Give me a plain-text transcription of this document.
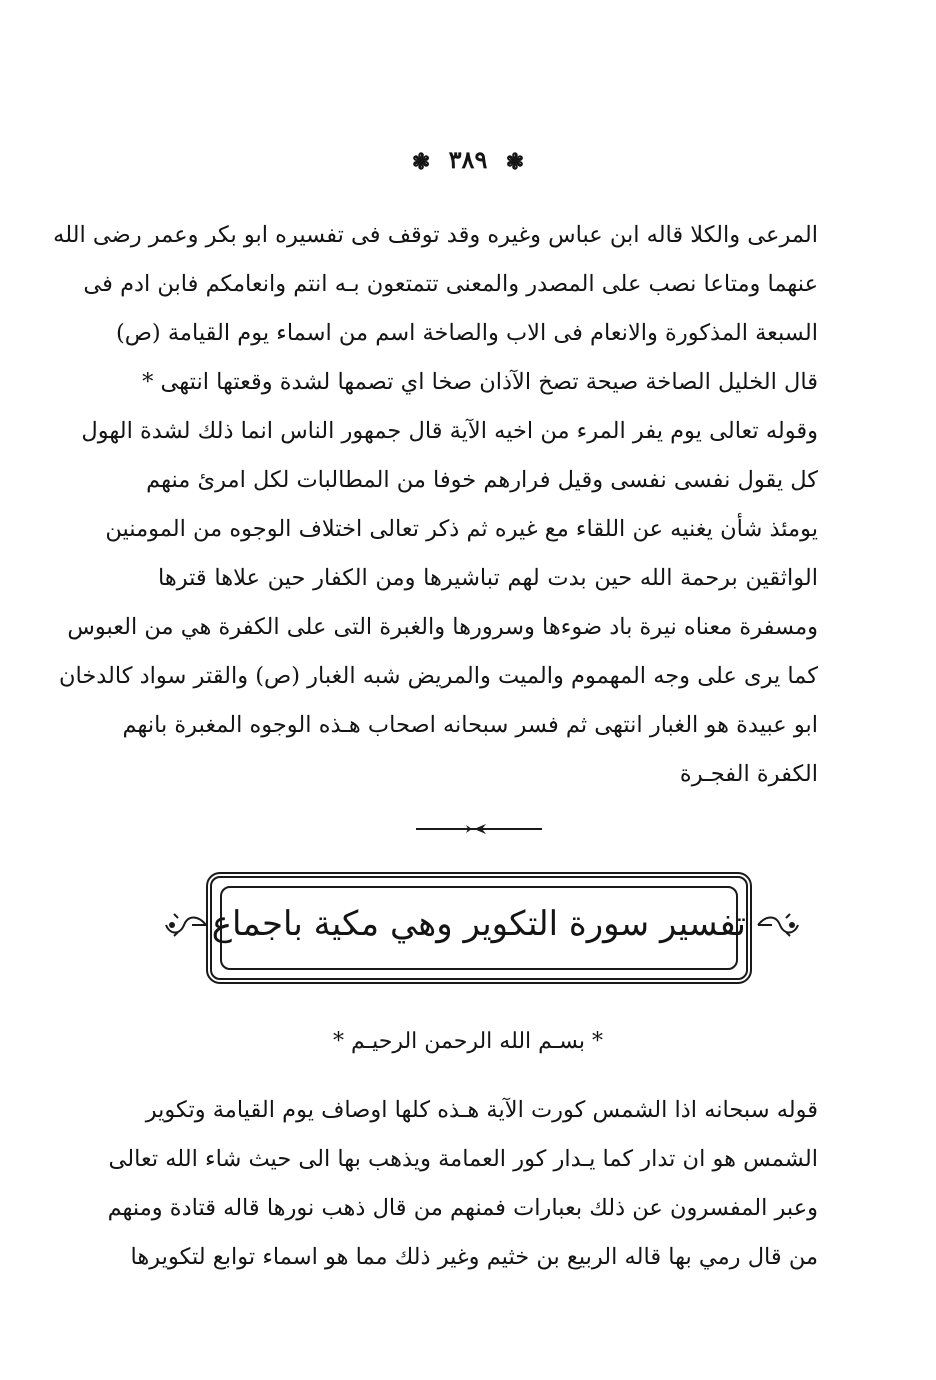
❃ ٣٨٩ ❃
المرعى والكلا قاله ابن عباس وغيره وقد توقف فى تفسيره ابو بكر وعمر رضى الله
عنهما ومتاعا نصب على المصدر والمعنى تتمتعون بـه انتم وانعامكم فابن ادم فى
السبعة المذكورة والانعام فى الاب والصاخة اسم من اسماء يوم القيامة (ص)
قال الخليل الصاخة صيحة تصخ الآذان صخا اي تصمها لشدة وقعتها انتهى *
وقوله تعالى يوم يفر المرء من اخيه الآية قال جمهور الناس انما ذلك لشدة الهول
كل يقول نفسى نفسى وقيل فرارهم خوفا من المطالبات لكل امرئ منهم
يومئذ شأن يغنيه عن اللقاء مع غيره ثم ذكر تعالى اختلاف الوجوه من المومنين
الواثقين برحمة الله حين بدت لهم تباشيرها ومن الكفار حين علاها قترها
ومسفرة معناه نيرة باد ضوءها وسرورها والغبرة التى على الكفرة هي من العبوس
كما يرى على وجه المهموم والميت والمريض شبه الغبار (ص) والقتر سواد كالدخان
ابو عبيدة هو الغبار انتهى ثم فسر سبحانه اصحاب هـذه الوجوه المغبرة بانهم
الكفرة الفجـرة
تفسير سورة التكوير وهي مكية باجماع
* بسـم الله الرحمن الرحيـم *
قوله سبحانه اذا الشمس كورت الآية هـذه كلها اوصاف يوم القيامة وتكوير
الشمس هو ان تدار كما يـدار كور العمامة ويذهب بها الى حيث شاء الله تعالى
وعبر المفسرون عن ذلك بعبارات فمنهم من قال ذهب نورها قاله قتادة ومنهم
من قال رمي بها قاله الربيع بن خثيم وغير ذلك مما هو اسماء توابع لتكويرها
